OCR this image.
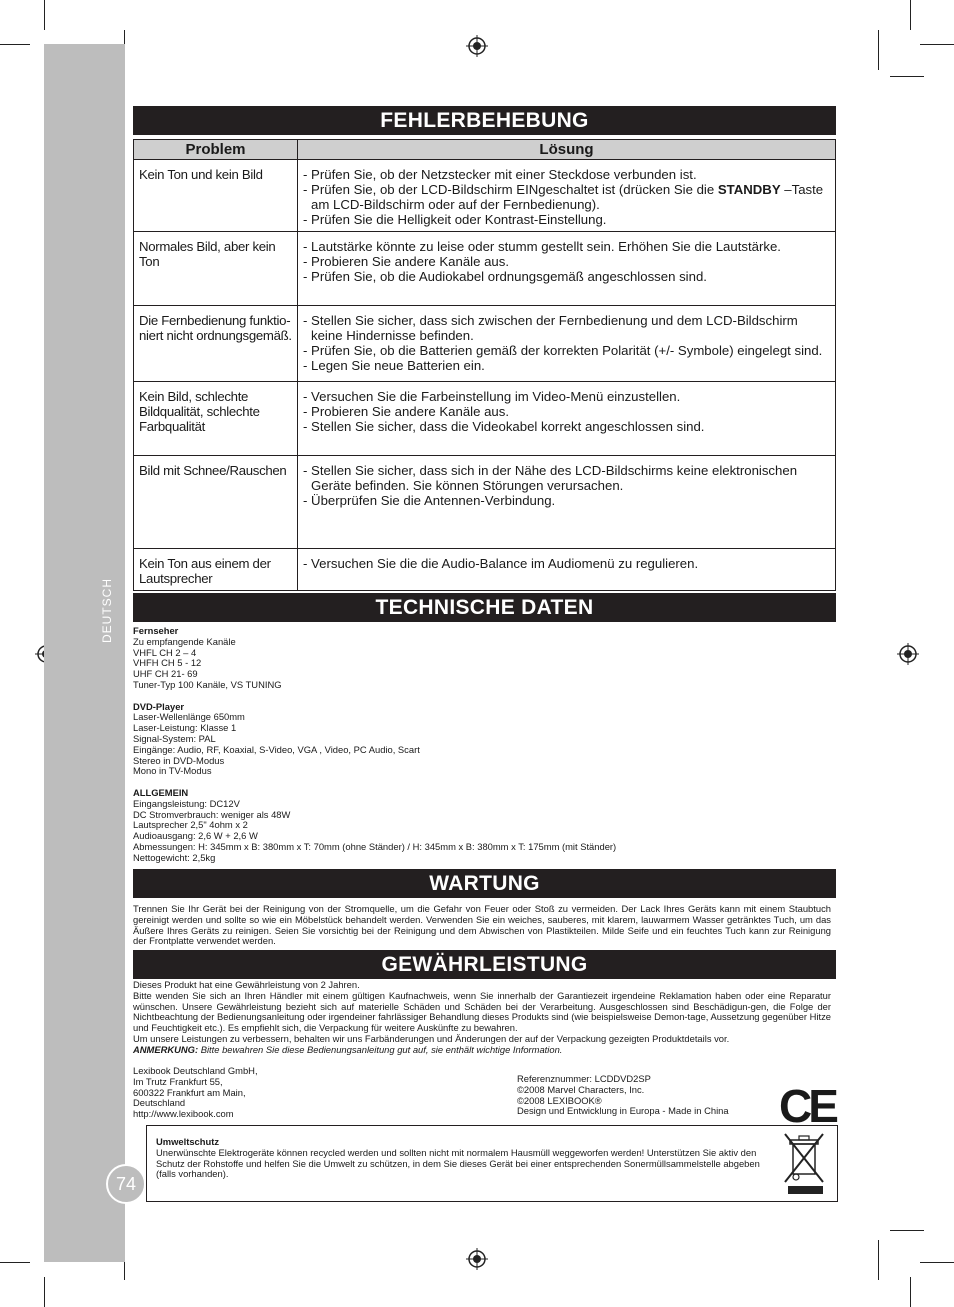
DEUTSCH
74
FEHLERBEHEBUNG
Problem	Lösung
Kein Ton und kein Bild	- Prüfen Sie, ob der Netzstecker mit einer Steckdose verbunden ist.
- Prüfen Sie, ob der LCD-Bildschirm EINgeschaltet ist (drücken Sie die STANDBY –Taste am LCD-Bildschirm oder auf der Fernbedienung).
- Prüfen Sie die Helligkeit oder Kontrast-Einstellung.

Normales Bild, aber kein Ton	- Lautstärke könnte zu leise oder stumm gestellt sein. Erhöhen Sie die Lautstärke.
- Probieren Sie andere Kanäle aus.
- Prüfen Sie, ob die Audiokabel ordnungsgemäß angeschlossen sind.

Die Fernbedienung funktio-niert nicht ordnungsgemäß.	- Stellen Sie sicher, dass sich zwischen der Fernbedienung und dem LCD-Bildschirm keine Hindernisse befinden.
- Prüfen Sie, ob die Batterien gemäß der korrekten Polarität (+/- Symbole) eingelegt sind.
- Legen Sie neue Batterien ein.

Kein Bild, schlechte Bildqualität, schlechte Farbqualität	- Versuchen Sie die Farbeinstellung im Video-Menü einzustellen.
- Probieren Sie andere Kanäle aus.
- Stellen Sie sicher, dass die Videokabel korrekt angeschlossen sind.

Bild mit Schnee/Rauschen	- Stellen Sie sicher, dass sich in der Nähe des LCD-Bildschirms keine elektronischen Geräte befinden. Sie können Störungen verursachen.
- Überprüfen Sie die Antennen-Verbindung.

Kein Ton aus einem der Lautsprecher	- Versuchen Sie die die Audio-Balance im Audiomenü zu regulieren.
TECHNISCHE DATEN
Fernseher
Zu empfangende Kanäle
VHFL CH 2 – 4
VHFH CH 5 - 12
UHF CH 21- 69
Tuner-Typ 100 Kanäle, VS TUNING
DVD-Player
Laser-Wellenlänge 650mm
Laser-Leistung: Klasse 1
Signal-System: PAL
Eingänge: Audio, RF, Koaxial, S-Video, VGA , Video, PC Audio, Scart
Stereo in DVD-Modus
Mono in TV-Modus
ALLGEMEIN
Eingangsleistung: DC12V
DC Stromverbrauch: weniger als 48W
Lautsprecher 2,5" 4ohm x 2
Audioausgang: 2,6 W + 2,6 W
Abmessungen: H: 345mm x B: 380mm x T: 70mm (ohne Ständer) / H: 345mm x B: 380mm x T: 175mm (mit Ständer)
Nettogewicht: 2,5kg
WARTUNG
Trennen Sie Ihr Gerät bei der Reinigung von der Stromquelle, um die Gefahr von Feuer oder Stoß zu vermeiden. Der Lack Ihres Geräts kann mit einem Staubtuch gereinigt werden und sollte so wie ein Möbelstück behandelt werden. Verwenden Sie ein weiches, sauberes, mit klarem, lauwarmem Wasser getränktes Tuch, um das Äußere Ihres Geräts zu reinigen. Seien Sie vorsichtig bei der Reinigung und dem Abwischen von Plastikteilen. Milde Seife und ein feuchtes Tuch kann zur Reinigung der Frontplatte verwendet werden.
GEWÄHRLEISTUNG
Dieses Produkt hat eine Gewährleistung von 2 Jahren.
Bitte wenden Sie sich an Ihren Händler mit einem gültigen Kaufnachweis, wenn Sie innerhalb der Garantiezeit irgendeine Reklamation haben oder eine Reparatur wünschen. Unsere Gewährleistung bezieht sich auf materielle Schäden und Schäden bei der Verarbeitung. Ausgeschlossen sind Beschädigun-gen, die Folge der Nichtbeachtung der Bedienungsanleitung oder irgendeiner fahrlässiger Behandlung dieses Produkts sind (wie beispielsweise Demon-tage, Aussetzung gegenüber Hitze und Feuchtigkeit etc.). Es empfiehlt sich, die Verpackung für weitere Auskünfte zu bewahren.
Um unsere Leistungen zu verbessern, behalten wir uns Farbänderungen und Änderungen der auf der Verpackung gezeigten Produktdetails vor.
ANMERKUNG: Bitte bewahren Sie diese Bedienungsanleitung gut auf, sie enthält wichtige Information.
Lexibook Deutschland GmbH,
Im Trutz Frankfurt 55,
600322 Frankfurt am Main,
Deutschland
http://www.lexibook.com
Referenznummer: LCDDVD2SP
©2008 Marvel Characters, Inc.
©2008 LEXIBOOK®
Design und Entwicklung in Europa - Made in China	CE
Umweltschutz
Unerwünschte Elektrogeräte können recycled werden und sollten nicht mit normalem Hausmüll weggeworfen werden! Unterstützen Sie aktiv den Schutz der Rohstoffe und helfen Sie die Umwelt zu schützen, in dem Sie dieses Gerät bei einer entsprechenden Sonermüllsammelstelle abgeben (falls vorhanden).
